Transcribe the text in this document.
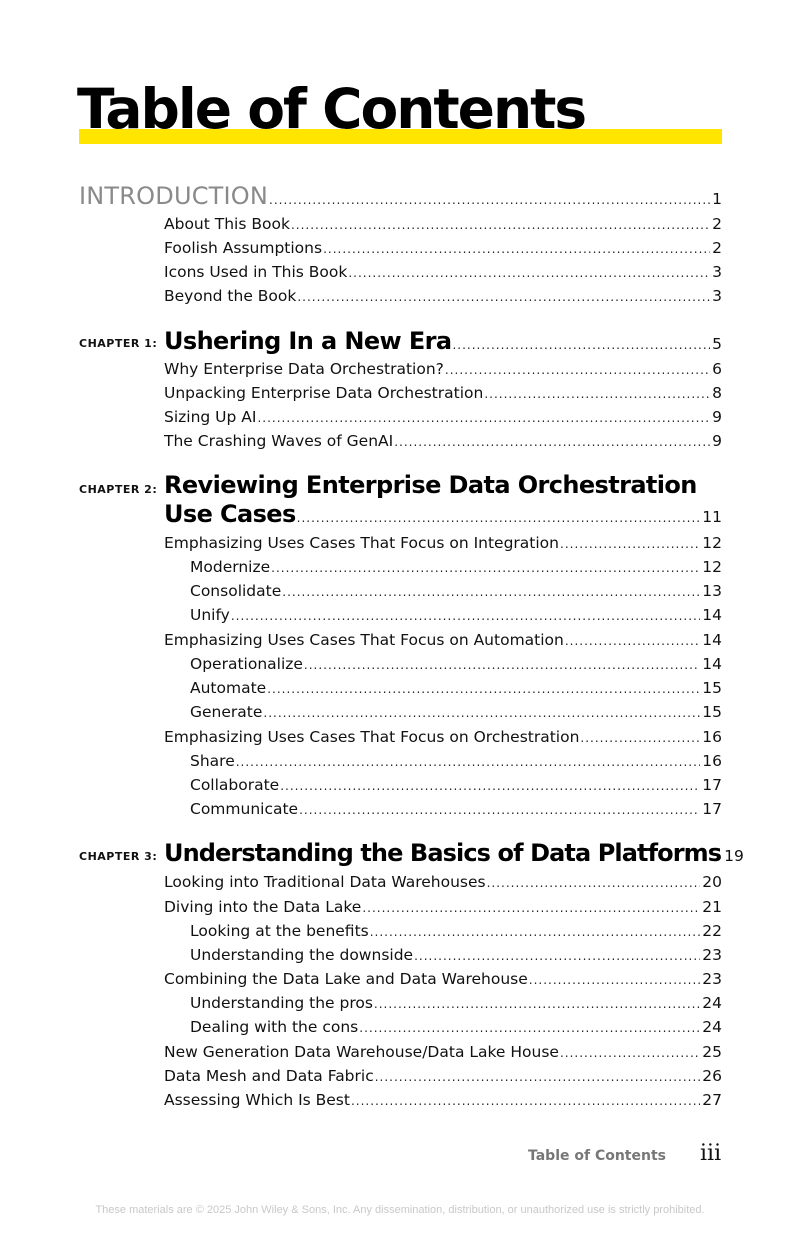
Table of Contents
INTRODUCTION .....	1
About This Book .....	2
Foolish Assumptions .....	2
Icons Used in This Book .....	3
Beyond the Book .....	3
CHAPTER 1: Ushering In a New Era .....	5
Why Enterprise Data Orchestration? .....	6
Unpacking Enterprise Data Orchestration .....	8
Sizing Up AI .....	9
The Crashing Waves of GenAI .....	9
CHAPTER 2: Reviewing Enterprise Data Orchestration
Use Cases .....	11
Emphasizing Uses Cases That Focus on Integration .....	12
Modernize .....	12
Consolidate .....	13
Unify .....	14
Emphasizing Uses Cases That Focus on Automation .....	14
Operationalize .....	14
Automate .....	15
Generate .....	15
Emphasizing Uses Cases That Focus on Orchestration .....	16
Share .....	16
Collaborate .....	17
Communicate .....	17
CHAPTER 3: Understanding the Basics of Data Platforms 19
Looking into Traditional Data Warehouses .....	20
Diving into the Data Lake .....	21
Looking at the benefits .....	22
Understanding the downside .....	23
Combining the Data Lake and Data Warehouse .....	23
Understanding the pros .....	24
Dealing with the cons .....	24
New Generation Data Warehouse/Data Lake House .....	25
Data Mesh and Data Fabric .....	26
Assessing Which Is Best .....	27
Table of Contents iii
These materials are © 2025 John Wiley & Sons, Inc. Any dissemination, distribution, or unauthorized use is strictly prohibited.
